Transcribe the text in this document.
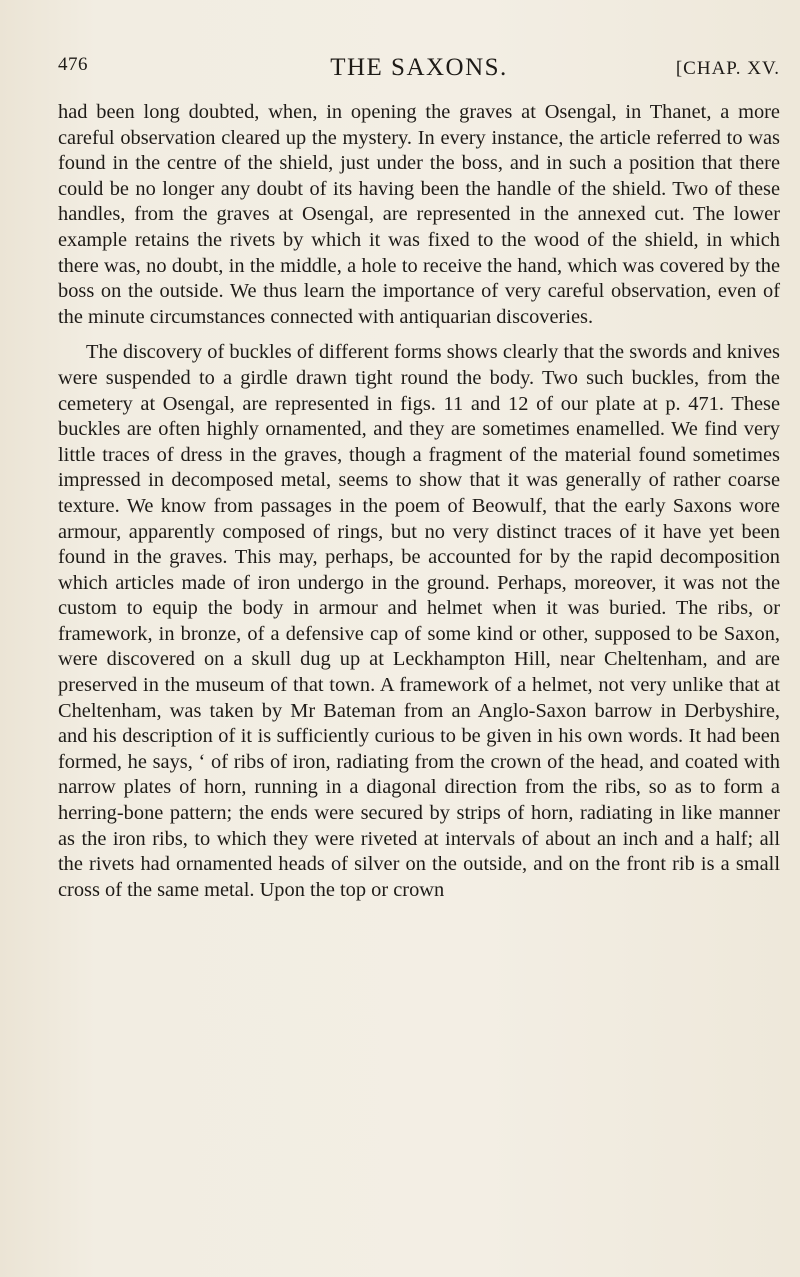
476	THE SAXONS.	[CHAP. XV.

had been long doubted, when, in opening the graves at Osengal, in Thanet, a more careful observation cleared up the mystery. In every instance, the article referred to was found in the centre of the shield, just under the boss, and in such a position that there could be no longer any doubt of its having been the handle of the shield. Two of these handles, from the graves at Osengal, are represented in the annexed cut. The lower example retains the rivets by which it was fixed to the wood of the shield, in which there was, no doubt, in the middle, a hole to receive the hand, which was covered by the boss on the outside. We thus learn the importance of very careful observation, even of the minute circumstances connected with antiquarian discoveries.

The discovery of buckles of different forms shows clearly that the swords and knives were suspended to a girdle drawn tight round the body. Two such buckles, from the cemetery at Osengal, are represented in figs. 11 and 12 of our plate at p. 471. These buckles are often highly ornamented, and they are sometimes enamelled. We find very little traces of dress in the graves, though a fragment of the material found sometimes impressed in decomposed metal, seems to show that it was generally of rather coarse texture. We know from passages in the poem of Beowulf, that the early Saxons wore armour, apparently composed of rings, but no very distinct traces of it have yet been found in the graves. This may, perhaps, be accounted for by the rapid decomposition which articles made of iron undergo in the ground. Perhaps, moreover, it was not the custom to equip the body in armour and helmet when it was buried. The ribs, or framework, in bronze, of a defensive cap of some kind or other, supposed to be Saxon, were discovered on a skull dug up at Leckhampton Hill, near Cheltenham, and are preserved in the museum of that town. A framework of a helmet, not very unlike that at Cheltenham, was taken by Mr Bateman from an Anglo-Saxon barrow in Derbyshire, and his description of it is sufficiently curious to be given in his own words. It had been formed, he says, ‘ of ribs of iron, radiating from the crown of the head, and coated with narrow plates of horn, running in a diagonal direction from the ribs, so as to form a herring-bone pattern; the ends were secured by strips of horn, radiating in like manner as the iron ribs, to which they were riveted at intervals of about an inch and a half; all the rivets had ornamented heads of silver on the outside, and on the front rib is a small cross of the same metal. Upon the top or crown
